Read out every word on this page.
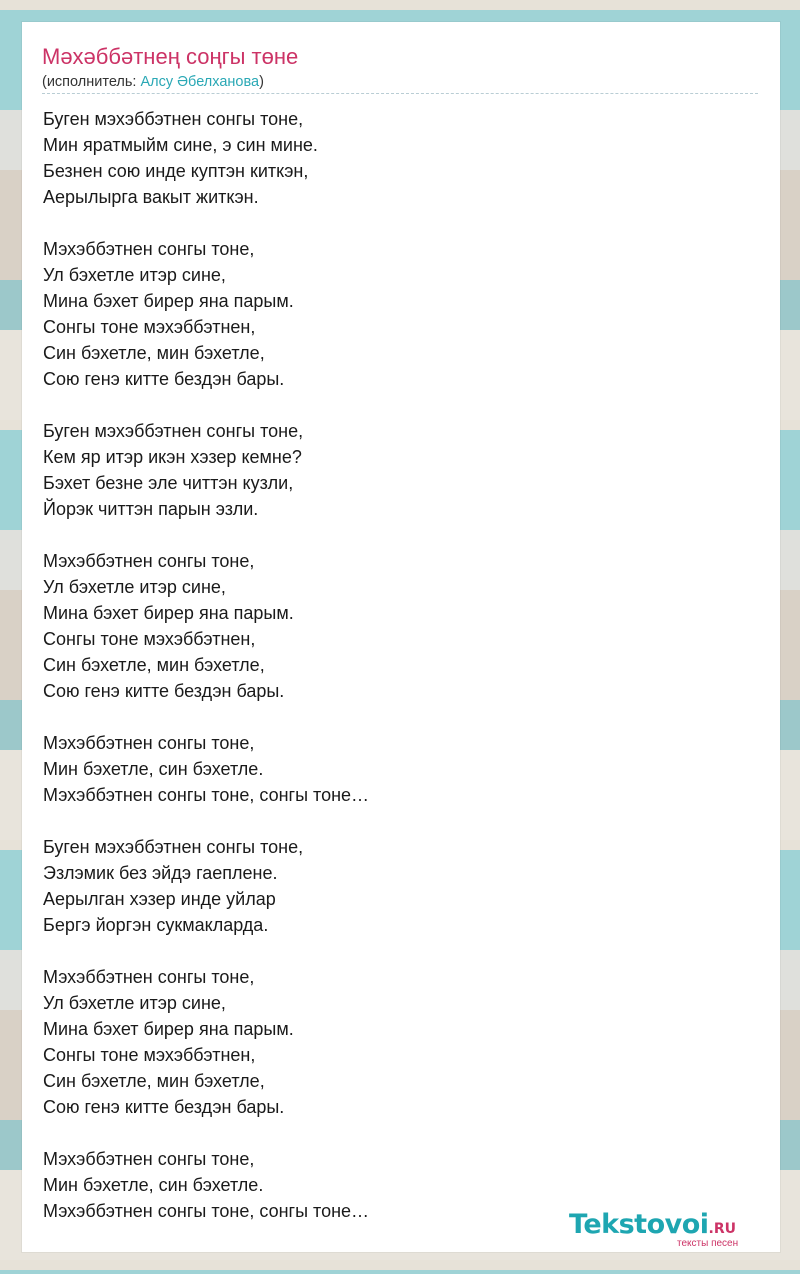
Мәхәббәтнең соңгы төне
(исполнитель: Алсу Әбелханова)
Буген мэхэббэтнен сонгы тоне,
Мин яратмыйм сине, э син мине.
Безнен сою инде куптэн киткэн,
Аерылырга вакыт житкэн.
Мэхэббэтнен сонгы тоне,
Ул бэхетле итэр сине,
Мина бэхет бирер яна парым.
Сонгы тоне мэхэббэтнен,
Син бэхетле, мин бэхетле,
Сою генэ китте бездэн бары.
Буген мэхэббэтнен сонгы тоне,
Кем яр итэр икэн хэзер кемне?
Бэхет безне эле читтэн кузли,
Йорэк читтэн парын эзли.
Мэхэббэтнен сонгы тоне,
Ул бэхетле итэр сине,
Мина бэхет бирер яна парым.
Сонгы тоне мэхэббэтнен,
Син бэхетле, мин бэхетле,
Сою генэ китте бездэн бары.
Мэхэббэтнен сонгы тоне,
Мин бэхетле, син бэхетле.
Мэхэббэтнен сонгы тоне, сонгы тоне…
Буген мэхэббэтнен сонгы тоне,
Эзлэмик без эйдэ гаеплене.
Аерылган хэзер инде уйлар
Бергэ йоргэн сукмакларда.
Мэхэббэтнен сонгы тоне,
Ул бэхетле итэр сине,
Мина бэхет бирер яна парым.
Сонгы тоне мэхэббэтнен,
Син бэхетле, мин бэхетле,
Сою генэ китте бездэн бары.
Мэхэббэтнен сонгы тоне,
Мин бэхетле, син бэхетле.
Мэхэббэтнен сонгы тоне, сонгы тоне…	Tekstovoi.RU
тексты песен
